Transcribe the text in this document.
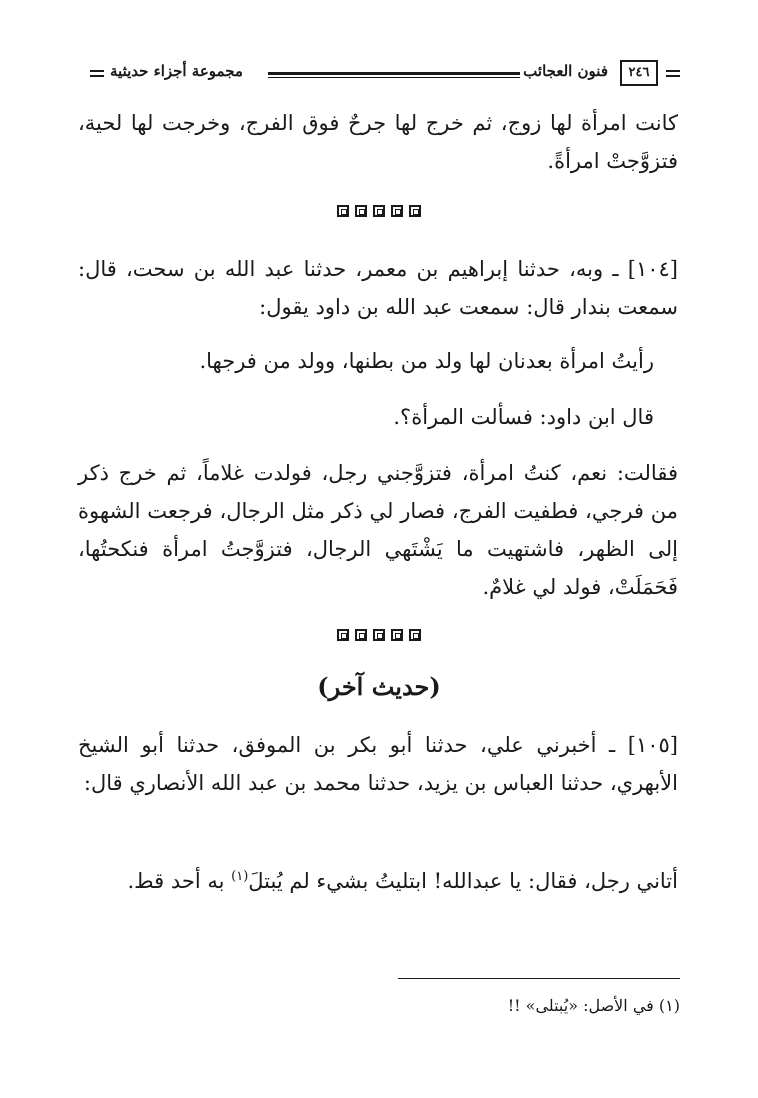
مجموعة أجزاء حديثية	فنون العجائب	٢٤٦
كانت امرأة لها زوج، ثم خرج لها جرحٌ فوق الفرج، وخرجت لها لحية، فتزوَّجتْ امرأةً.
[١٠٤] ـ وبه، حدثنا إبراهيم بن معمر، حدثنا عبد الله بن سحت، قال: سمعت بندار قال: سمعت عبد الله بن داود يقول:
رأيتُ امرأة بعدنان لها ولد من بطنها، وولد من فرجها.
قال ابن داود: فسألت المرأة؟.
فقالت: نعم، كنتُ امرأة، فتزوَّجني رجل، فولدت غلاماً، ثم خرج ذكر من فرجي، فطفيت الفرج، فصار لي ذكر مثل الرجال، فرجعت الشهوة إلى الظهر، فاشتهيت ما يَشْتَهي الرجال، فتزوَّجتُ امرأة فنكحتُها، فَحَمَلَتْ، فولد لي غلامٌ.
(حديث آخر)
[١٠٥] ـ أخبرني علي، حدثنا أبو بكر بن الموفق، حدثنا أبو الشيخ الأبهري، حدثنا العباس بن يزيد، حدثنا محمد بن عبد الله الأنصاري قال:
أتاني رجل، فقال: يا عبدالله! ابتليتُ بشيء لم يُبتلَ$^{(١)}$ به أحد قط.
(١) في الأصل: «يُبتلى» !!
